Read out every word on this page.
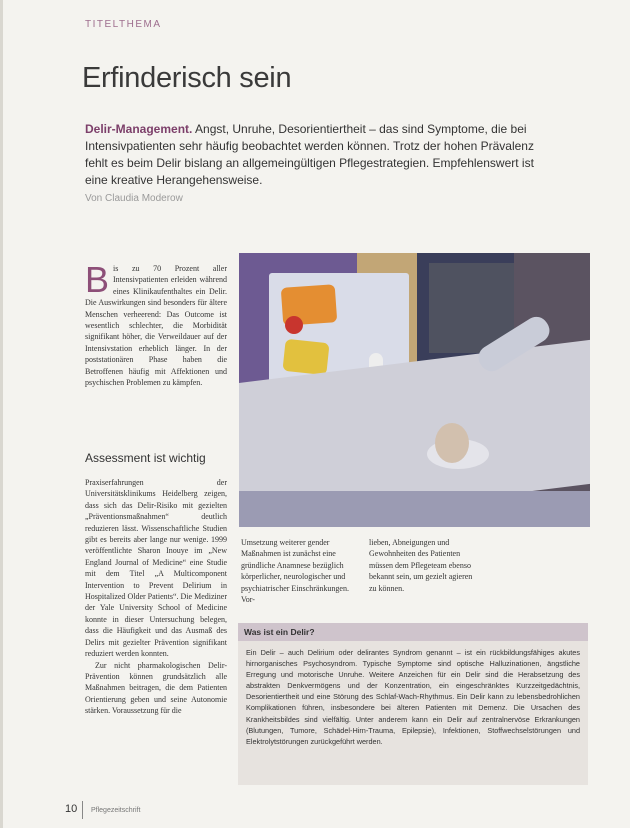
TITELTHEMA
Erfinderisch sein
Delir-Management. Angst, Unruhe, Desorientiertheit – das sind Symptome, die bei Intensivpatienten sehr häufig beobachtet werden können. Trotz der hohen Prävalenz fehlt es beim Delir bislang an allgemeingültigen Pflegestrategien. Empfehlenswert ist eine kreative Herangehensweise.
Von Claudia Moderow
B is zu 70 Prozent aller Intensivpatienten erleiden während eines Klinikaufenthaltes ein Delir. Die Auswirkungen sind besonders für ältere Menschen verheerend: Das Outcome ist wesentlich schlechter, die Morbidität signifikant höher, die Verweildauer auf der Intensivstation erheblich länger. In der poststationären Phase haben die Betroffenen häufig mit Affektionen und psychischen Problemen zu kämpfen.

Assessment ist wichtig

Praxiserfahrungen der Universitätsklinikums Heidelberg zeigen, dass sich das Delir-Risiko mit gezielten „Präventionsmaßnahmen“ deutlich reduzieren lässt. Wissenschaftliche Studien gibt es bereits aber lange nur wenige. 1999 veröffentlichte Sharon Inouye im „New England Journal of Medicine“ eine Studie mit dem Titel „A Multicomponent Intervention to Prevent Delirium in Hospitalized Older Patients“. Die Mediziner der Yale University School of Medicine konnte in dieser Untersuchung belegen, dass die Häufigkeit und das Ausmaß des Delirs mit gezielter Prävention signifikant reduziert werden konnten.

Zur nicht pharmakologischen Delir-Prävention können grundsätzlich alle Maßnahmen beitragen, die dem Patienten Orientierung geben und seine Autonomie stärken. Voraussetzung für die

Umsetzung weiterer gender Maßnahmen ist zunächst eine gründliche Anamnese bezüglich körperlicher, neurologischer und psychiatrischer Einschränkungen. Vor-

lieben, Abneigungen und Gewohnheiten des Patienten müssen dem Pflegeteam ebenso bekannt sein, um gezielt agieren zu können.

Was ist ein Delir?

Ein Delir – auch Delirium oder delirantes Syndrom genannt – ist ein rückbildungsfähiges akutes hirnorganisches Psychosyndrom. Typische Symptome sind optische Halluzinationen, ängstliche Erregung und motorische Unruhe. Weitere Anzeichen für ein Delir sind die Herabsetzung des abstrakten Denkvermögens und der Konzentration, ein eingeschränktes Kurzzeitgedächtnis, Desorientiertheit und eine Störung des Schlaf-Wach-Rhythmus. Ein Delir kann zu lebensbedrohlichen Komplikationen führen, insbesondere bei älteren Patienten mit Demenz. Die Ursachen des Krankheitsbildes sind vielfältig. Unter anderem kann ein Delir auf zentralnervöse Erkrankungen (Blutungen, Tumore, Schädel-Hirn-Trauma, Epilepsie), Infektionen, Stoffwechselstörungen und Elektrolytstörungen zurückgeführt werden.

10 Pflegezeitschrift
